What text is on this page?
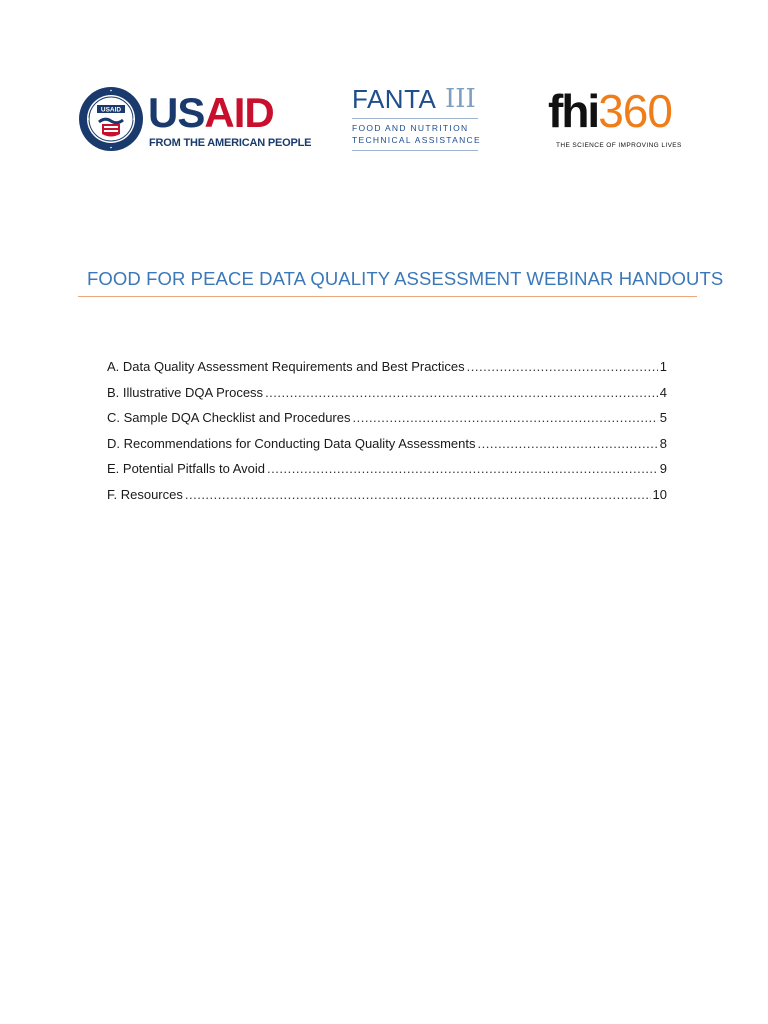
USAID USAID
FROM THE AMERICAN PEOPLE
FANTA III
FOOD AND NUTRITION
TECHNICAL ASSISTANCE
fhi360
THE SCIENCE OF IMPROVING LIVES
FOOD FOR PEACE DATA QUALITY ASSESSMENT WEBINAR HANDOUTS
A. Data Quality Assessment Requirements and Best Practices .....	1
B. Illustrative DQA Process .....	4
C. Sample DQA Checklist and Procedures .....	5
D. Recommendations for Conducting Data Quality Assessments .....	8
E. Potential Pitfalls to Avoid .....	9
F. Resources .....	10
